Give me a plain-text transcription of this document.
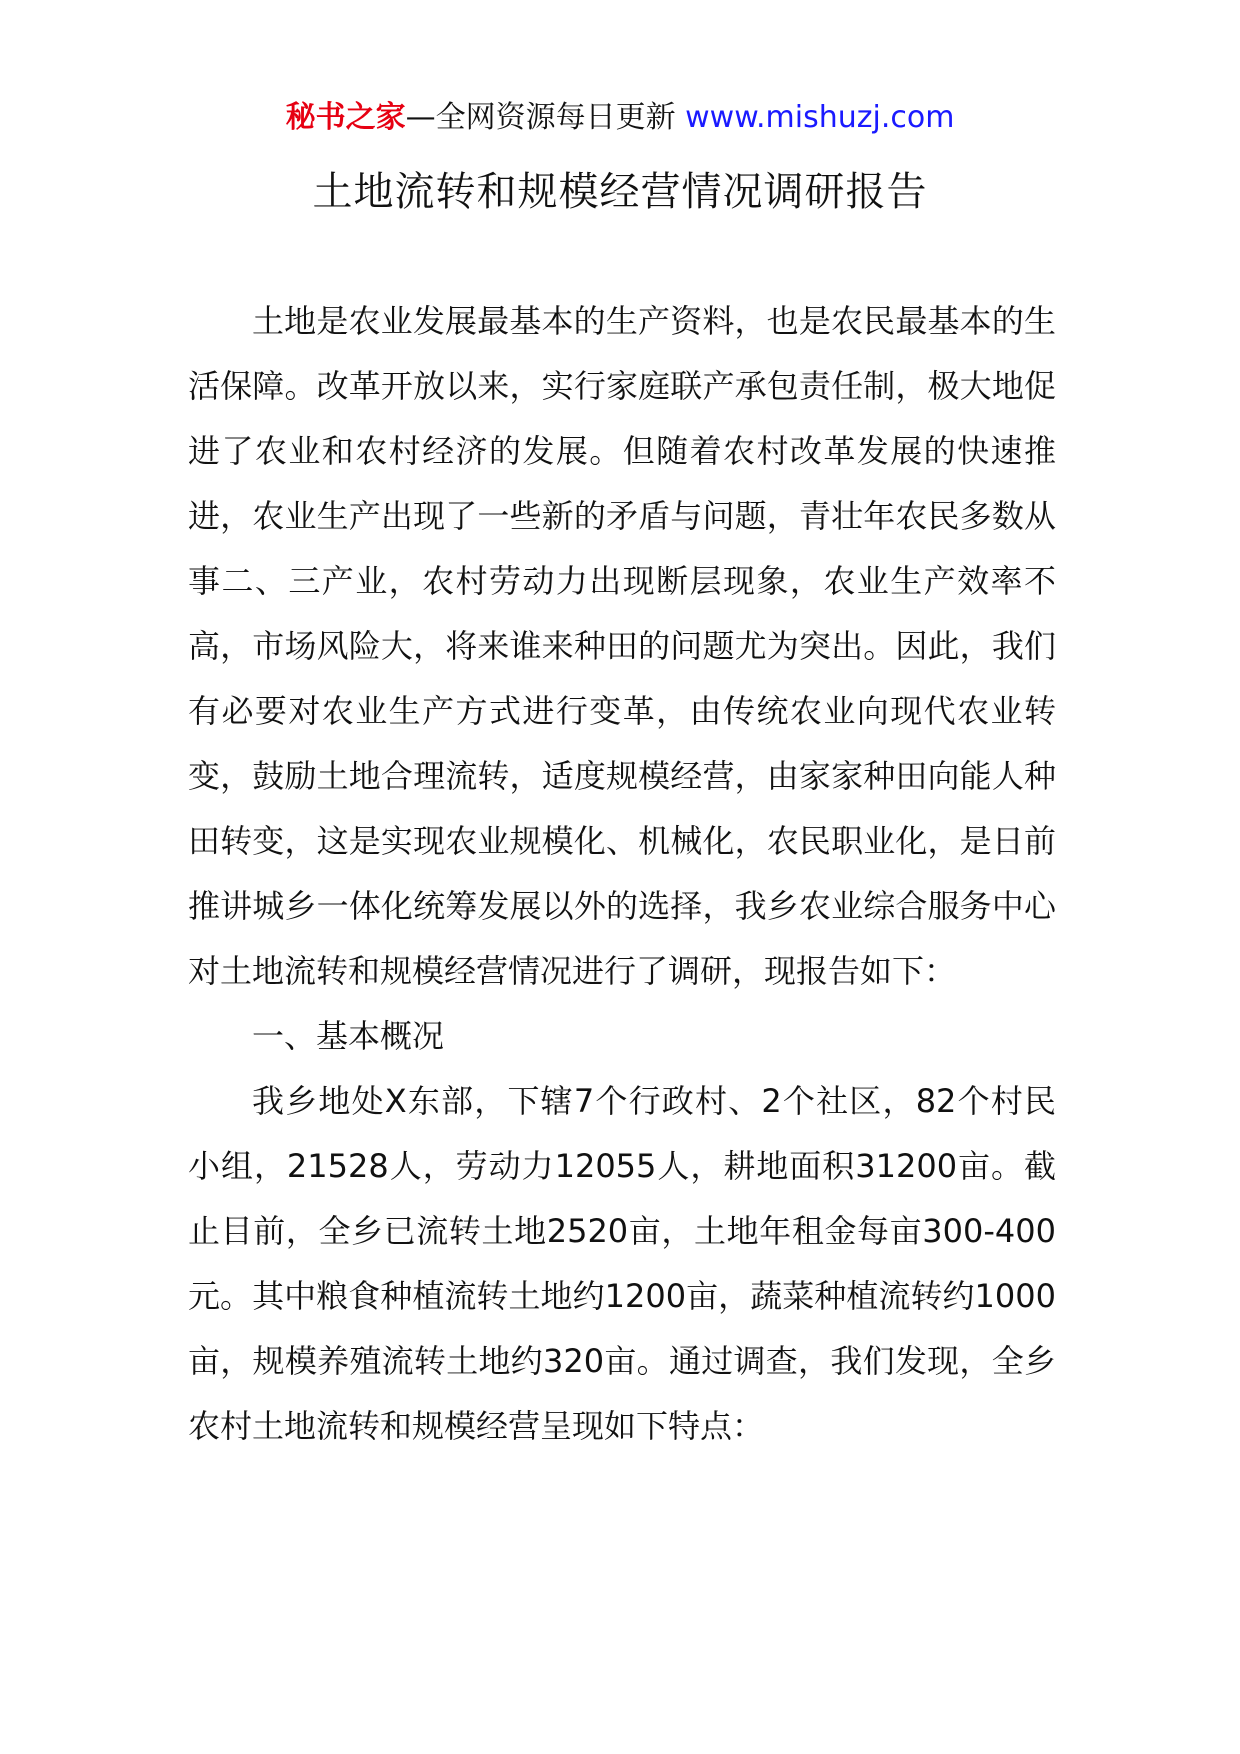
秘书之家—全网资源每日更新 www.mishuzj.com
土地流转和规模经营情况调研报告

土地是农业发展最基本的生产资料，也是农民最基本的生活保障。改革开放以来，实行家庭联产承包责任制，极大地促进了农业和农村经济的发展。但随着农村改革发展的快速推进，农业生产出现了一些新的矛盾与问题，青壮年农民多数从事二、三产业，农村劳动力出现断层现象，农业生产效率不高，市场风险大，将来谁来种田的问题尤为突出。因此，我们有必要对农业生产方式进行变革，由传统农业向现代农业转变，鼓励土地合理流转，适度规模经营，由家家种田向能人种田转变，这是实现农业规模化、机械化，农民职业化，是日前推讲城乡一体化统筹发展以外的选择，我乡农业综合服务中心对土地流转和规模经营情况进行了调研，现报告如下：

一、基本概况

我乡地处X东部，下辖7个行政村、2个社区，82个村民小组，21528人，劳动力12055人，耕地面积31200亩。截止目前，全乡已流转土地2520亩，土地年租金每亩300-400元。其中粮食种植流转土地约1200亩，蔬菜种植流转约1000亩，规模养殖流转土地约320亩。通过调查，我们发现，全乡农村土地流转和规模经营呈现如下特点：
